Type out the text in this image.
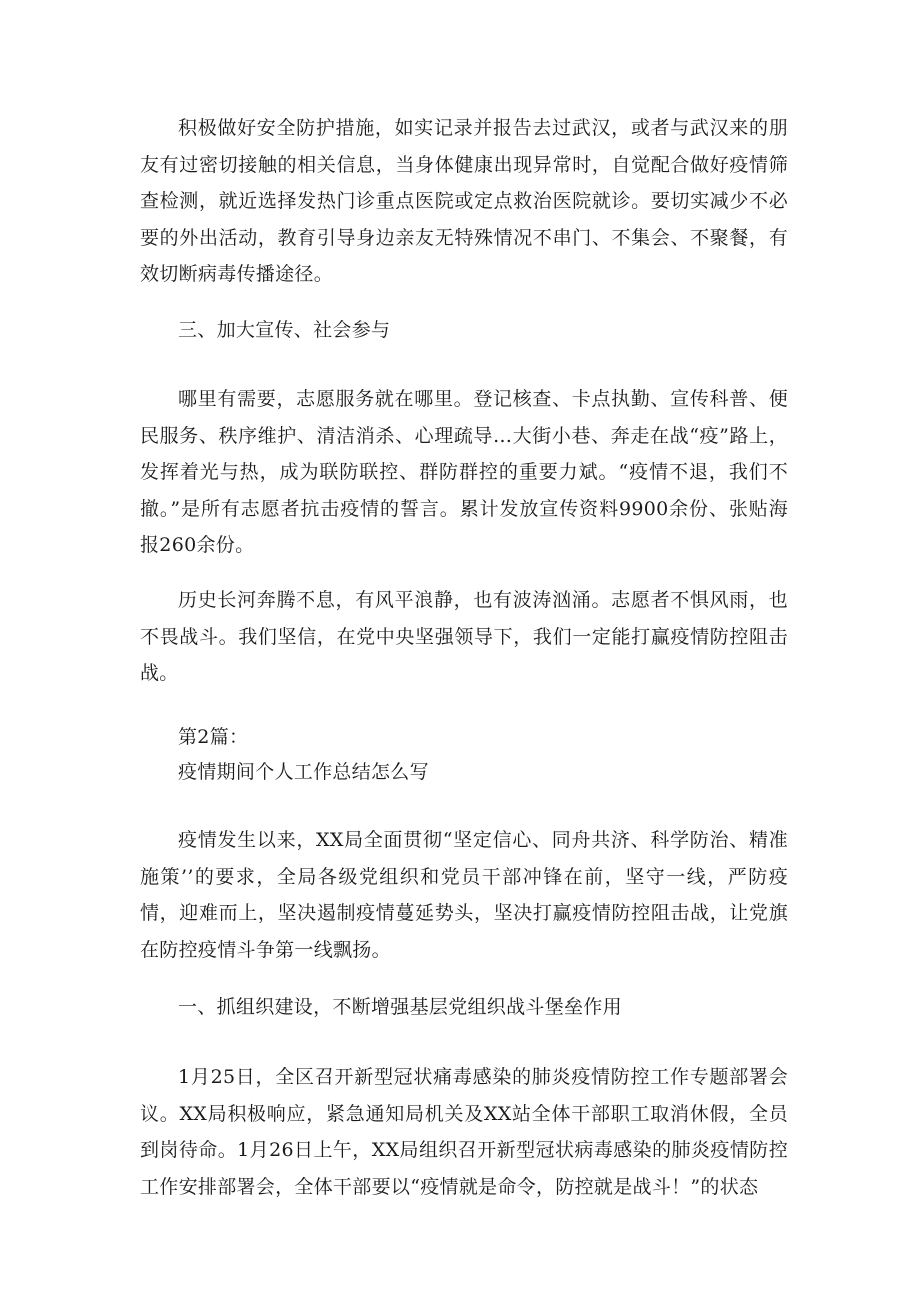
积极做好安全防护措施，如实记录并报告去过武汉，或者与武汉来的朋友有过密切接触的相关信息，当身体健康出现异常时，自觉配合做好疫情筛查检测，就近选择发热门诊重点医院或定点救治医院就诊。要切实减少不必要的外出活动，教育引导身边亲友无特殊情况不串门、不集会、不聚餐，有效切断病毒传播途径。

三、加大宣传、社会参与

哪里有需要，志愿服务就在哪里。登记核查、卡点执勤、宣传科普、便民服务、秩序维护、清洁消杀、心理疏导…大街小巷、奔走在战“疫”路上，发挥着光与热，成为联防联控、群防群控的重要力斌。“疫情不退，我们不撤。”是所有志愿者抗击疫情的誓言。累计发放宣传资料9900余份、张贴海报260余份。

历史长河奔腾不息，有风平浪静，也有波涛汹涌。志愿者不惧风雨，也不畏战斗。我们坚信，在党中央坚强领导下，我们一定能打赢疫情防控阻击战。

第2篇：

疫情期间个人工作总结怎么写

疫情发生以来，XX局全面贯彻“坚定信心、同舟共济、科学防治、精准施策’’的要求，全局各级党组织和党员干部冲锋在前，坚守一线，严防疫情，迎难而上，坚决遏制疫情蔓延势头，坚决打赢疫情防控阻击战，让党旗在防控疫情斗争第一线飘扬。

一、抓组织建设，不断增强基层党组织战斗堡垒作用

1月25日，全区召开新型冠状痛毒感染的肺炎疫情防控工作专题部署会议。XX局积极响应，紧急通知局机关及XX站全体干部职工取消休假，全员到岗待命。1月26日上午，XX局组织召开新型冠状病毒感染的肺炎疫情防控工作安排部署会，全体干部要以“疫情就是命令，防控就是战斗！”的状态
